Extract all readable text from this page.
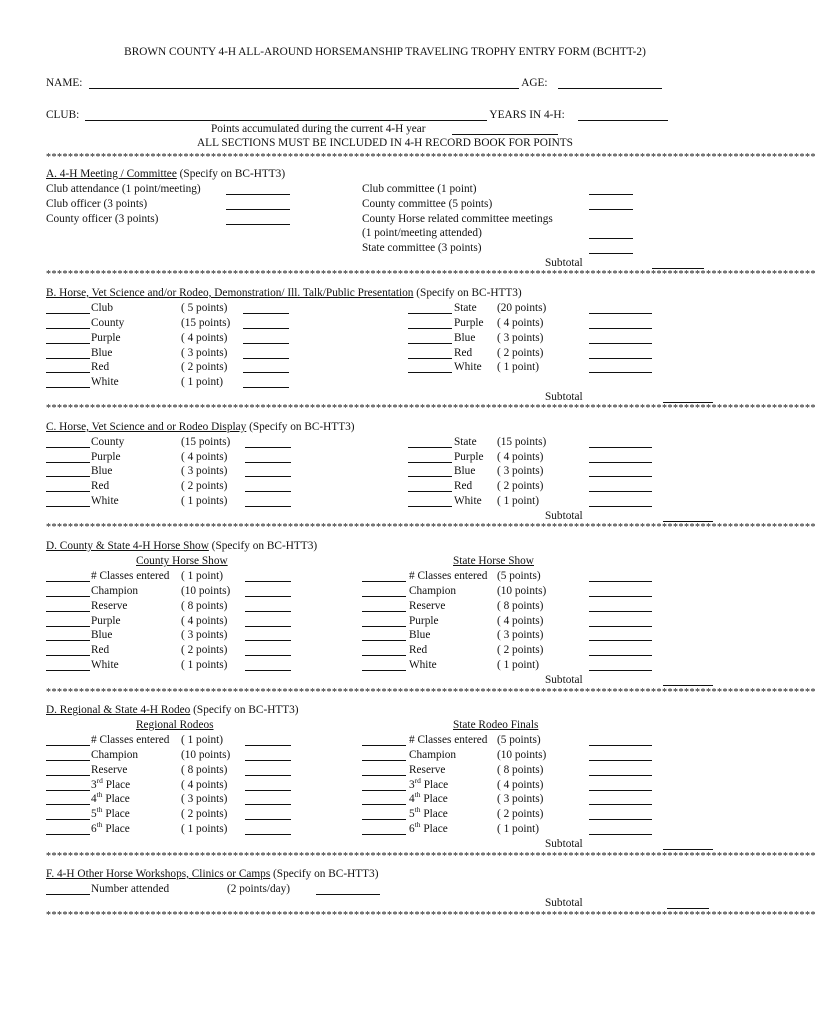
BROWN COUNTY 4-H ALL-AROUND HORSEMANSHIP TRAVELING TROPHY ENTRY FORM (BCHTT-2)
NAME:	AGE:
CLUB:	YEARS IN 4-H:
Points accumulated during the current 4-H year
ALL SECTIONS MUST BE INCLUDED IN 4-H RECORD BOOK FOR POINTS
********************************************************************************************************************************************
A. 4-H Meeting / Committee (Specify on BC-HTT3)
Club attendance (1 point/meeting)
Club officer (3 points)
County officer (3 points)
Club committee (1 point)
County committee (5 points)
County Horse related committee meetings
(1 point/meeting attended)
State committee (3 points)
Subtotal
********************************************************************************************************************************************
B. Horse, Vet Science and/or Rodeo, Demonstration/ Ill. Talk/Public Presentation (Specify on BC-HTT3)
Club	( 5 points)
County	(15 points)
Purple	( 4 points)
Blue	( 3 points)
Red	( 2 points)
White	( 1 point)
State (20 points)
Purple ( 4 points)
Blue ( 3 points)
Red ( 2 points)
White ( 1 point)
Subtotal
********************************************************************************************************************************************
C. Horse, Vet Science and or Rodeo Display (Specify on BC-HTT3)
County	(15 points)
Purple	( 4 points)
Blue	( 3 points)
Red	( 2 points)
White	( 1 points)
State (15 points)
Purple ( 4 points)
Blue ( 3 points)
Red ( 2 points)
White ( 1 point)
Subtotal
********************************************************************************************************************************************
D. County & State 4-H Horse Show (Specify on BC-HTT3)
County Horse Show	State Horse Show
# Classes entered ( 1 point)
Champion	(10 points)
Reserve	( 8 points)
Purple	( 4 points)
Blue	( 3 points)
Red	( 2 points)
White	( 1 points)
# Classes entered (5 points)
Champion	(10 points)
Reserve	( 8 points)
Purple	( 4 points)
Blue	( 3 points)
Red	( 2 points)
White	( 1 point)
Subtotal
********************************************************************************************************************************************
D. Regional & State 4-H Rodeo (Specify on BC-HTT3)
Regional Rodeos	State Rodeo Finals
# Classes entered ( 1 point)
Champion	(10 points)
Reserve	( 8 points)
3rd Place	( 4 points)
4th Place	( 3 points)
5th Place	( 2 points)
6th Place	( 1 points)
# Classes entered (5 points)
Champion	(10 points)
Reserve	( 8 points)
3rd Place	( 4 points)
4th Place	( 3 points)
5th Place	( 2 points)
6th Place	( 1 point)
Subtotal
********************************************************************************************************************************************
F. 4-H Other Horse Workshops, Clinics or Camps (Specify on BC-HTT3)
Number attended	(2 points/day)
Subtotal
********************************************************************************************************************************************
